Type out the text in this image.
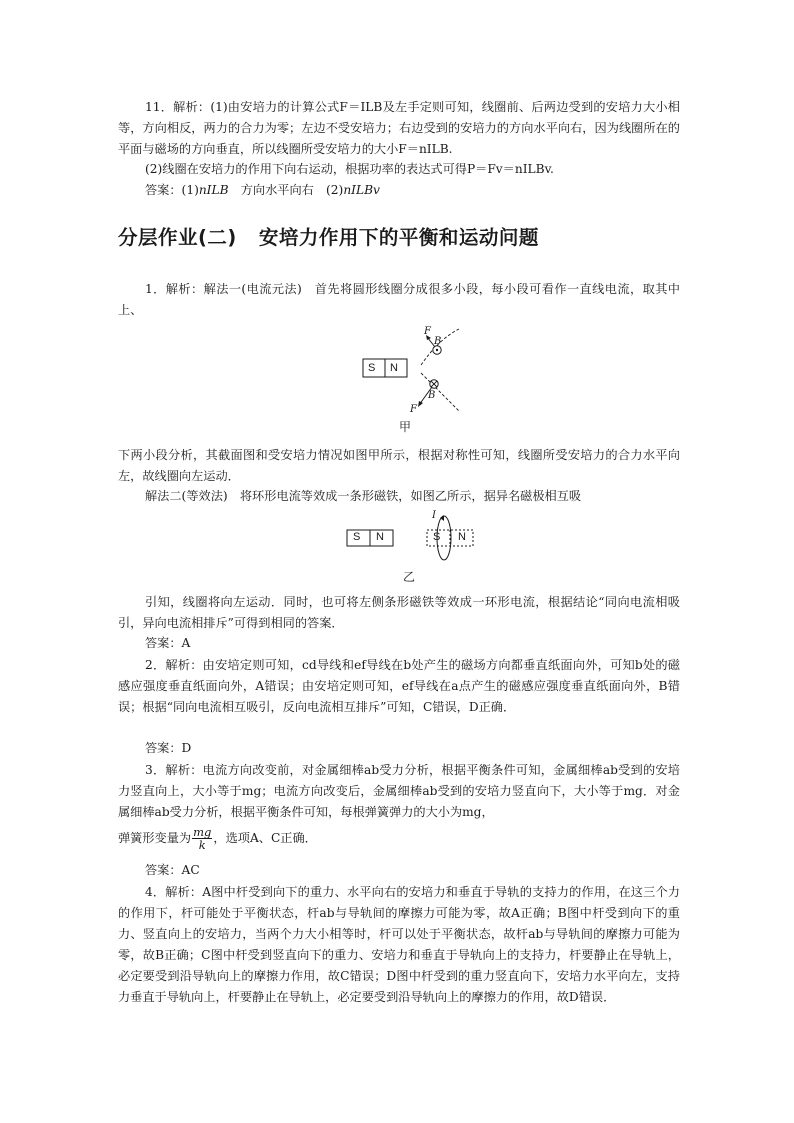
11．解析：(1)由安培力的计算公式F＝ILB及左手定则可知，线圈前、后两边受到的安培力大小相等，方向相反，两力的合力为零；左边不受安培力；右边受到的安培力的方向水平向右，因为线圈所在的平面与磁场的方向垂直，所以线圈所受安培力的大小F＝nILB.

(2)线圈在安培力的作用下向右运动，根据功率的表达式可得P＝Fv＝nILBv.

答案：(1)nILB　方向水平向右　(2)nILBv

分层作业(二) 安培力作用下的平衡和运动问题

1．解析：解法一(电流元法)　首先将圆形线圈分成很多小段，每小段可看作一直线电流，取其中上、

S N
F
B
B
F
甲

下两小段分析，其截面图和受安培力情况如图甲所示，根据对称性可知，线圈所受安培力的合力水平向左，故线圈向左运动．

解法二(等效法)　将环形电流等效成一条形磁铁，如图乙所示，据异名磁极相互吸

S N
I
S N
乙

引知，线圈将向左运动．同时，也可将左侧条形磁铁等效成一环形电流，根据结论“同向电流相吸引，异向电流相排斥”可得到相同的答案．

答案：A

2．解析：由安培定则可知，cd导线和ef导线在b处产生的磁场方向都垂直纸面向外，可知b处的磁感应强度垂直纸面向外，A错误；由安培定则可知，ef导线在a点产生的磁感应强度垂直纸面向外，B错误；根据“同向电流相互吸引，反向电流相互排斥”可知，C错误，D正确．

答案：D

3．解析：电流方向改变前，对金属细棒ab受力分析，根据平衡条件可知，金属细棒ab受到的安培力竖直向上，大小等于mg；电流方向改变后，金属细棒ab受到的安培力竖直向下，大小等于mg．对金属细棒ab受力分析，根据平衡条件可知，每根弹簧弹力的大小为mg，

弹簧形变量为 $\frac{mg}{k}$ ，选项A、C正确．

答案：AC

4．解析：A图中杆受到向下的重力、水平向右的安培力和垂直于导轨的支持力的作用，在这三个力的作用下，杆可能处于平衡状态，杆ab与导轨间的摩擦力可能为零，故A正确；B图中杆受到向下的重力、竖直向上的安培力，当两个力大小相等时，杆可以处于平衡状态，故杆ab与导轨间的摩擦力可能为零，故B正确；C图中杆受到竖直向下的重力、安培力和垂直于导轨向上的支持力，杆要静止在导轨上，必定要受到沿导轨向上的摩擦力作用，故C错误；D图中杆受到的重力竖直向下，安培力水平向左，支持力垂直于导轨向上，杆要静止在导轨上，必定要受到沿导轨向上的摩擦力的作用，故D错误．
